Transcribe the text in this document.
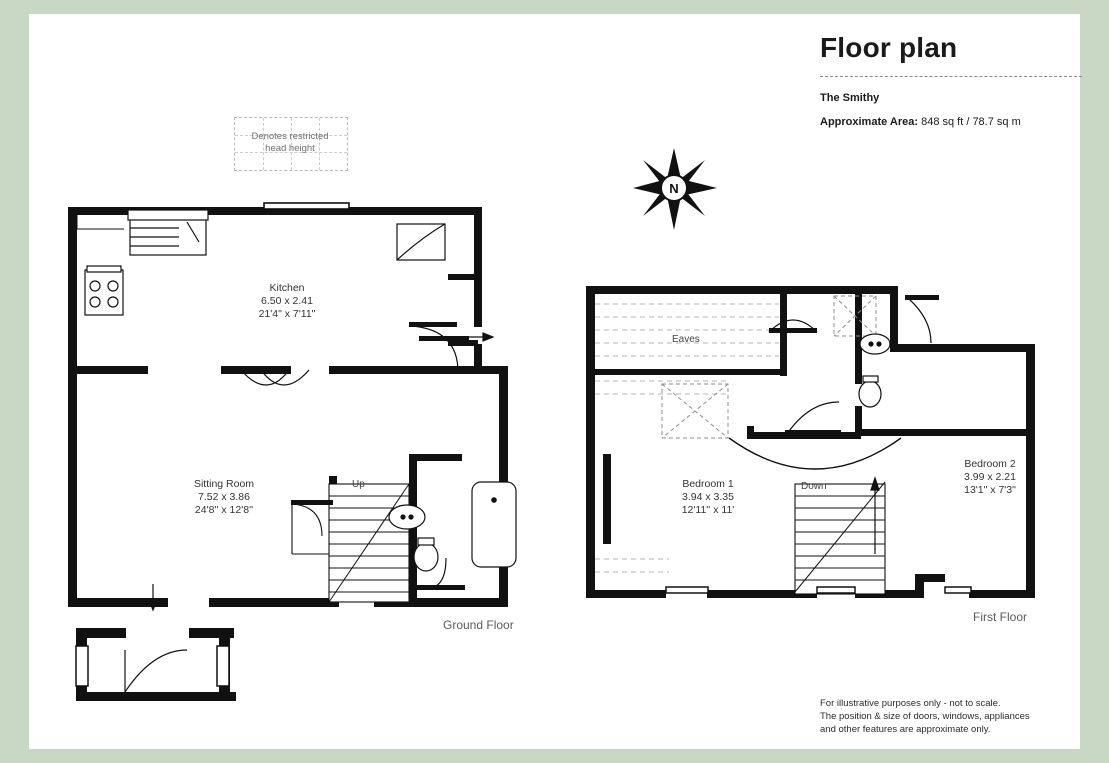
Floor plan
The Smithy
Approximate Area: 848 sq ft / 78.7 sq m
Denotes restricted
head height
N
Kitchen
6.50 x 2.41
21'4" x 7'11"
Sitting Room
7.52 x 3.86
24'8'' x 12'8''
Up
Ground Floor
Eaves
Bedroom 1
3.94 x 3.35
12'11'' x 11'
Bedroom 2
3.99 x 2.21
13'1" x 7'3"
Down
First Floor
For illustrative purposes only - not to scale.
The position & size of doors, windows, appliances
and other features are approximate only.
